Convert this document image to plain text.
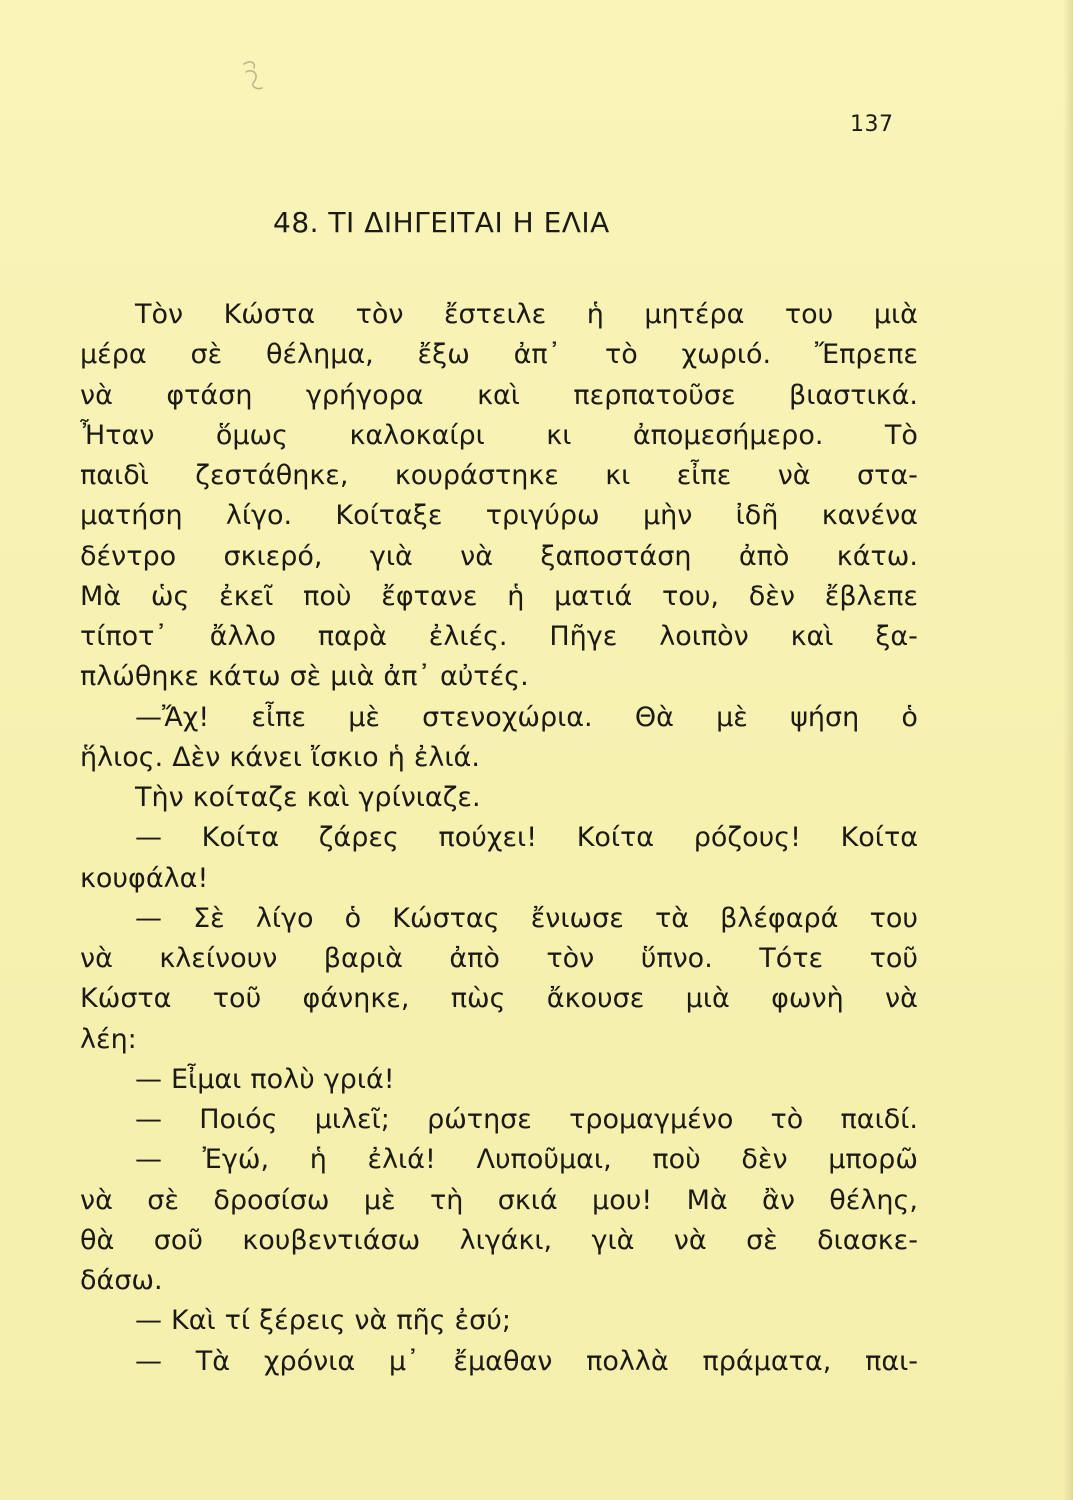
137
48. ΤΙ ΔΙΗΓΕΙΤΑΙ Η ΕΛΙΑ
Τὸν Κώστα τὸν ἔστειλε ἡ μητέρα του μιὰ
μέρα σὲ θέλημα, ἔξω ἀπ᾽ τὸ χωριό. Ἔπρεπε
νὰ φτάση γρήγορα καὶ περπατοῦσε βιαστικά.
Ἦταν ὅμως καλοκαίρι κι ἀπομεσήμερο. Τὸ
παιδὶ ζεστάθηκε, κουράστηκε κι εἶπε νὰ στα-
ματήση λίγο. Κοίταξε τριγύρω μὴν ἰδῆ κανένα
δέντρο σκιερό, γιὰ νὰ ξαποστάση ἀπὸ κάτω.
Μὰ ὡς ἐκεῖ ποὺ ἔφτανε ἡ ματιά του, δὲν ἔβλεπε
τίποτ᾽ ἄλλο παρὰ ἐλιές. Πῆγε λοιπὸν καὶ ξα-
πλώθηκε κάτω σὲ μιὰ ἀπ᾽ αὐτές.
—Ἄχ! εἶπε μὲ στενοχώρια. Θὰ μὲ ψήση ὁ
ἥλιος. Δὲν κάνει ἴσκιο ἡ ἐλιά.
Τὴν κοίταζε καὶ γρίνιαζε.
— Κοίτα ζάρες πούχει! Κοίτα ρόζους! Κοίτα
κουφάλα!
— Σὲ λίγο ὁ Κώστας ἔνιωσε τὰ βλέφαρά του
νὰ κλείνουν βαριὰ ἀπὸ τὸν ὕπνο. Τότε τοῦ
Κώστα τοῦ φάνηκε, πὼς ἄκουσε μιὰ φωνὴ νὰ
λέη:
— Εἶμαι πολὺ γριά!
— Ποιός μιλεῖ; ρώτησε τρομαγμένο τὸ παιδί.
— Ἐγώ, ἡ ἐλιά! Λυποῦμαι, ποὺ δὲν μπορῶ
νὰ σὲ δροσίσω μὲ τὴ σκιά μου! Μὰ ἂν θέλης,
θὰ σοῦ κουβεντιάσω λιγάκι, γιὰ νὰ σὲ διασκε-
δάσω.
— Καὶ τί ξέρεις νὰ πῆς ἐσύ;
— Τὰ χρόνια μ᾽ ἔμαθαν πολλὰ πράματα, παι-
